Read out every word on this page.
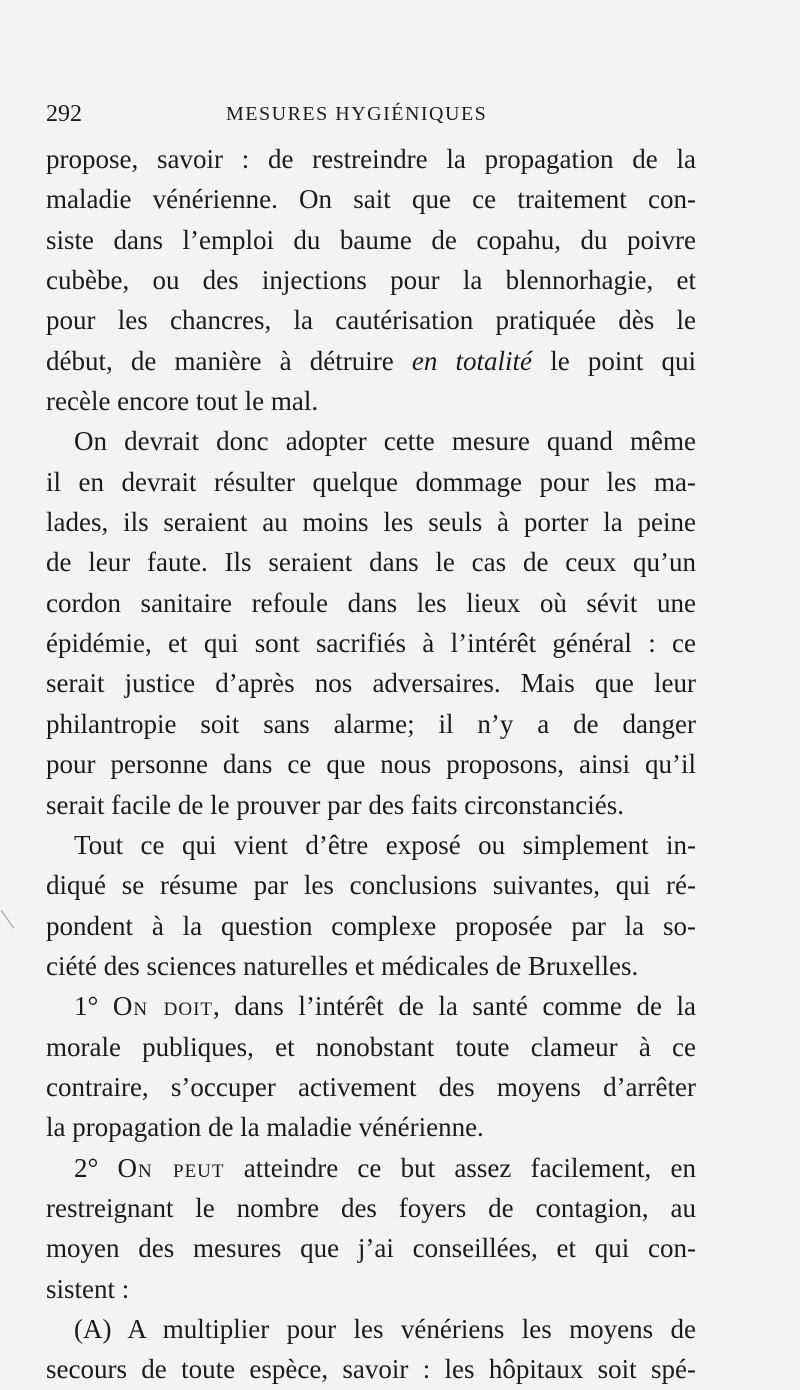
292	MESURES HYGIÉNIQUES
propose, savoir : de restreindre la propagation de la
maladie vénérienne. On sait que ce traitement con-
siste dans l’emploi du baume de copahu, du poivre
cubèbe, ou des injections pour la blennorhagie, et
pour les chancres, la cautérisation pratiquée dès le
début, de manière à détruire en totalité le point qui
recèle encore tout le mal.
On devrait donc adopter cette mesure quand même
il en devrait résulter quelque dommage pour les ma-
lades, ils seraient au moins les seuls à porter la peine
de leur faute. Ils seraient dans le cas de ceux qu’un
cordon sanitaire refoule dans les lieux où sévit une
épidémie, et qui sont sacrifiés à l’intérêt général : ce
serait justice d’après nos adversaires. Mais que leur
philantropie soit sans alarme; il n’y a de danger
pour personne dans ce que nous proposons, ainsi qu’il
serait facile de le prouver par des faits circonstanciés.
Tout ce qui vient d’être exposé ou simplement in-
diqué se résume par les conclusions suivantes, qui ré-
pondent à la question complexe proposée par la so-
ciété des sciences naturelles et médicales de Bruxelles.
1° On doit, dans l’intérêt de la santé comme de la
morale publiques, et nonobstant toute clameur à ce
contraire, s’occuper activement des moyens d’arrêter
la propagation de la maladie vénérienne.
2° On peut atteindre ce but assez facilement, en
restreignant le nombre des foyers de contagion, au
moyen des mesures que j’ai conseillées, et qui con-
sistent :
(A) A multiplier pour les vénériens les moyens de
secours de toute espèce, savoir : les hôpitaux soit spé-
